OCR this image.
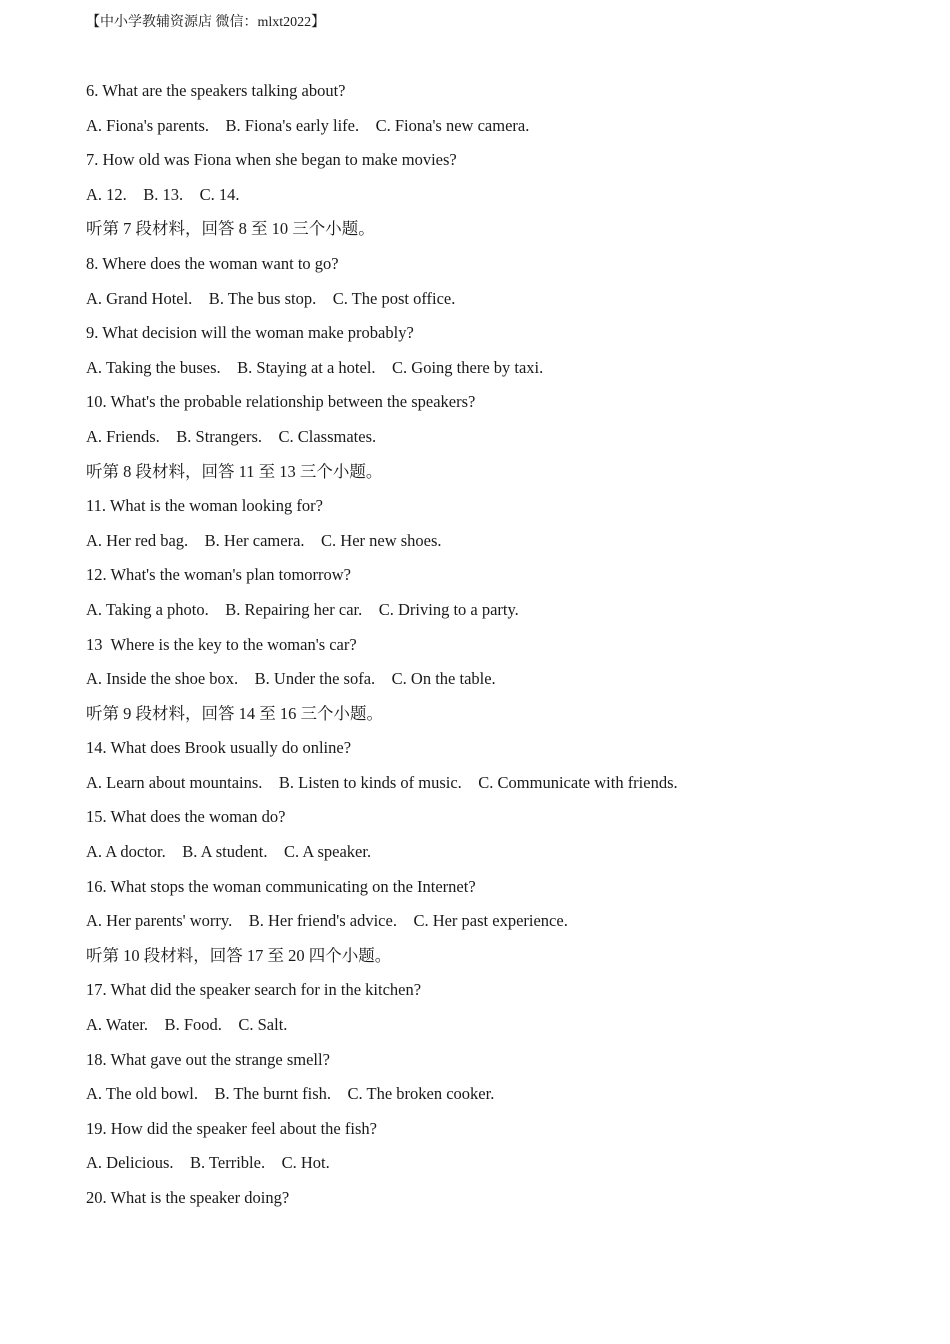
【中小学教辅资源店 微信：mlxt2022】
6. What are the speakers talking about?
A. Fiona's parents.    B. Fiona's early life.    C. Fiona's new camera.
7. How old was Fiona when she began to make movies?
A. 12.    B. 13.    C. 14.
听第 7 段材料，回答 8 至 10 三个小题。
8. Where does the woman want to go?
A. Grand Hotel.    B. The bus stop.    C. The post office.
9. What decision will the woman make probably?
A. Taking the buses.    B. Staying at a hotel.    C. Going there by taxi.
10. What's the probable relationship between the speakers?
A. Friends.    B. Strangers.    C. Classmates.
听第 8 段材料，回答 11 至 13 三个小题。
11. What is the woman looking for?
A. Her red bag.    B. Her camera.    C. Her new shoes.
12. What's the woman's plan tomorrow?
A. Taking a photo.    B. Repairing her car.    C. Driving to a party.
13  Where is the key to the woman's car?
A. Inside the shoe box.    B. Under the sofa.    C. On the table.
听第 9 段材料，回答 14 至 16 三个小题。
14. What does Brook usually do online?
A. Learn about mountains.    B. Listen to kinds of music.    C. Communicate with friends.
15. What does the woman do?
A. A doctor.    B. A student.    C. A speaker.
16. What stops the woman communicating on the Internet?
A. Her parents' worry.    B. Her friend's advice.    C. Her past experience.
听第 10 段材料，回答 17 至 20 四个小题。
17. What did the speaker search for in the kitchen?
A. Water.    B. Food.    C. Salt.
18. What gave out the strange smell?
A. The old bowl.    B. The burnt fish.    C. The broken cooker.
19. How did the speaker feel about the fish?
A. Delicious.    B. Terrible.    C. Hot.
20. What is the speaker doing?
